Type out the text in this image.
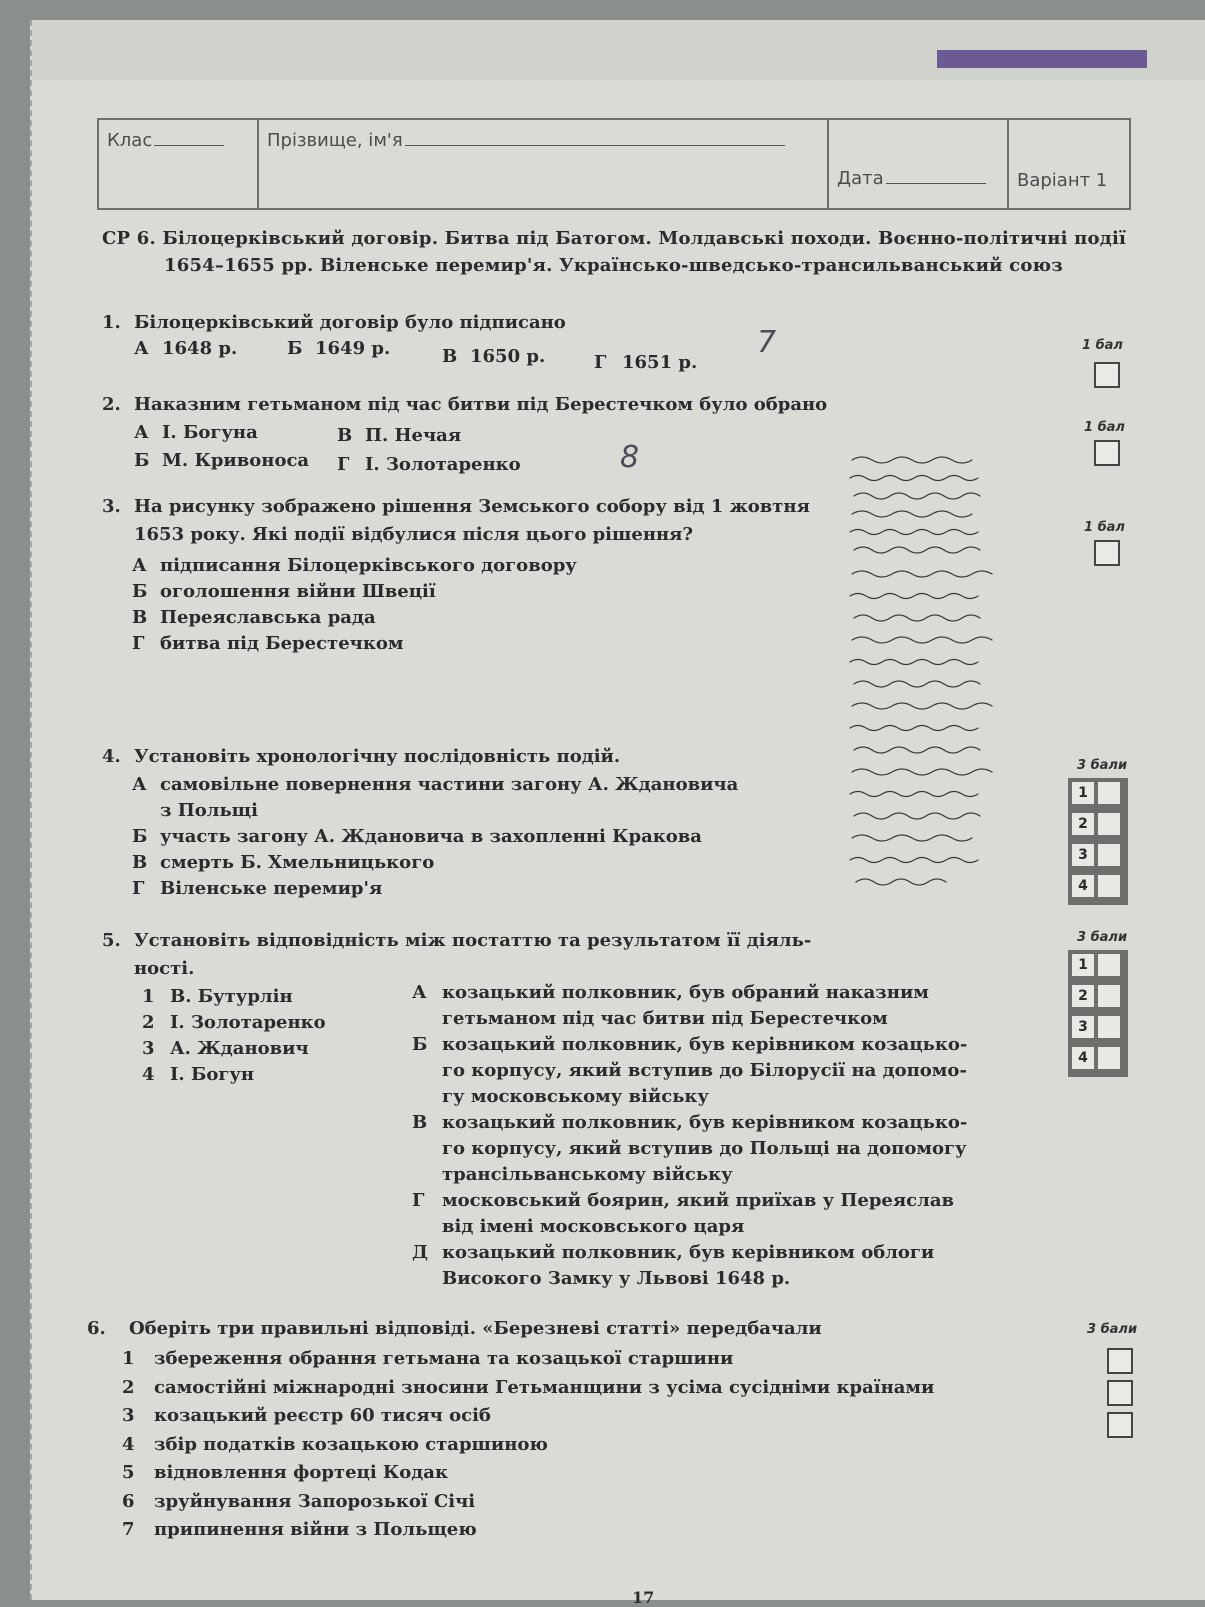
Клас	Прізвище, ім'я
Дата	Варіант 1
СР 6. Білоцерківський договір. Битва під Батогом. Молдавські походи. Воєнно-політичні події
1654–1655 рр. Віленське перемир'я. Українсько-шведсько-трансильванський союз
1. Білоцерківський договір було підписано
А 1648 р.	Б 1649 р.	В 1650 р.	Г 1651 р.
7	1 бал
2. Наказним гетьманом під час битви під Берестечком було обрано
А І. Богуна	В П. Нечая
Б М. Кривоноса Г І. Золотаренко	8
1 бал
3. На рисунку зображено рішення Земського собору від 1 жовтня
1653 року. Які події відбулися після цього рішення?
А підписання Білоцерківського договору
Б оголошення війни Швеції
В Переяславська рада
Г битва під Берестечком
1 бал
4. Установіть хронологічну послідовність подій.
А самовільне повернення частини загону А. Ждановича
з Польщі
Б участь загону А. Ждановича в захопленні Кракова
В смерть Б. Хмельницького
Г Віленське перемир'я
3 бали
1
2
3
4
5. Установіть відповідність між постаттю та результатом її діяль-
ності.
1 В. Бутурлін
2 І. Золотаренко
3 А. Жданович
4 І. Богун
А козацький полковник, був обраний наказним
гетьманом під час битви під Берестечком
Б козацький полковник, був керівником козацько-
го корпусу, який вступив до Білорусії на допомо-
гу московському війську
В козацький полковник, був керівником козацько-
го корпусу, який вступив до Польщі на допомогу
трансільванському війську
Г московський боярин, який приїхав у Переяслав
від імені московського царя
Д козацький полковник, був керівником облоги
Високого Замку у Львові 1648 р.
3 бали
1
2
3
4
6. Оберіть три правильні відповіді. «Березневі статті» передбачали
1 збереження обрання гетьмана та козацької старшини
2 самостійні міжнародні зносини Гетьманщини з усіма сусідніми країнами
3 козацький реєстр 60 тисяч осіб
4 збір податків козацькою старшиною
5 відновлення фортеці Кодак
6 зруйнування Запорозької Січі
7 припинення війни з Польщею
3 бали
17
